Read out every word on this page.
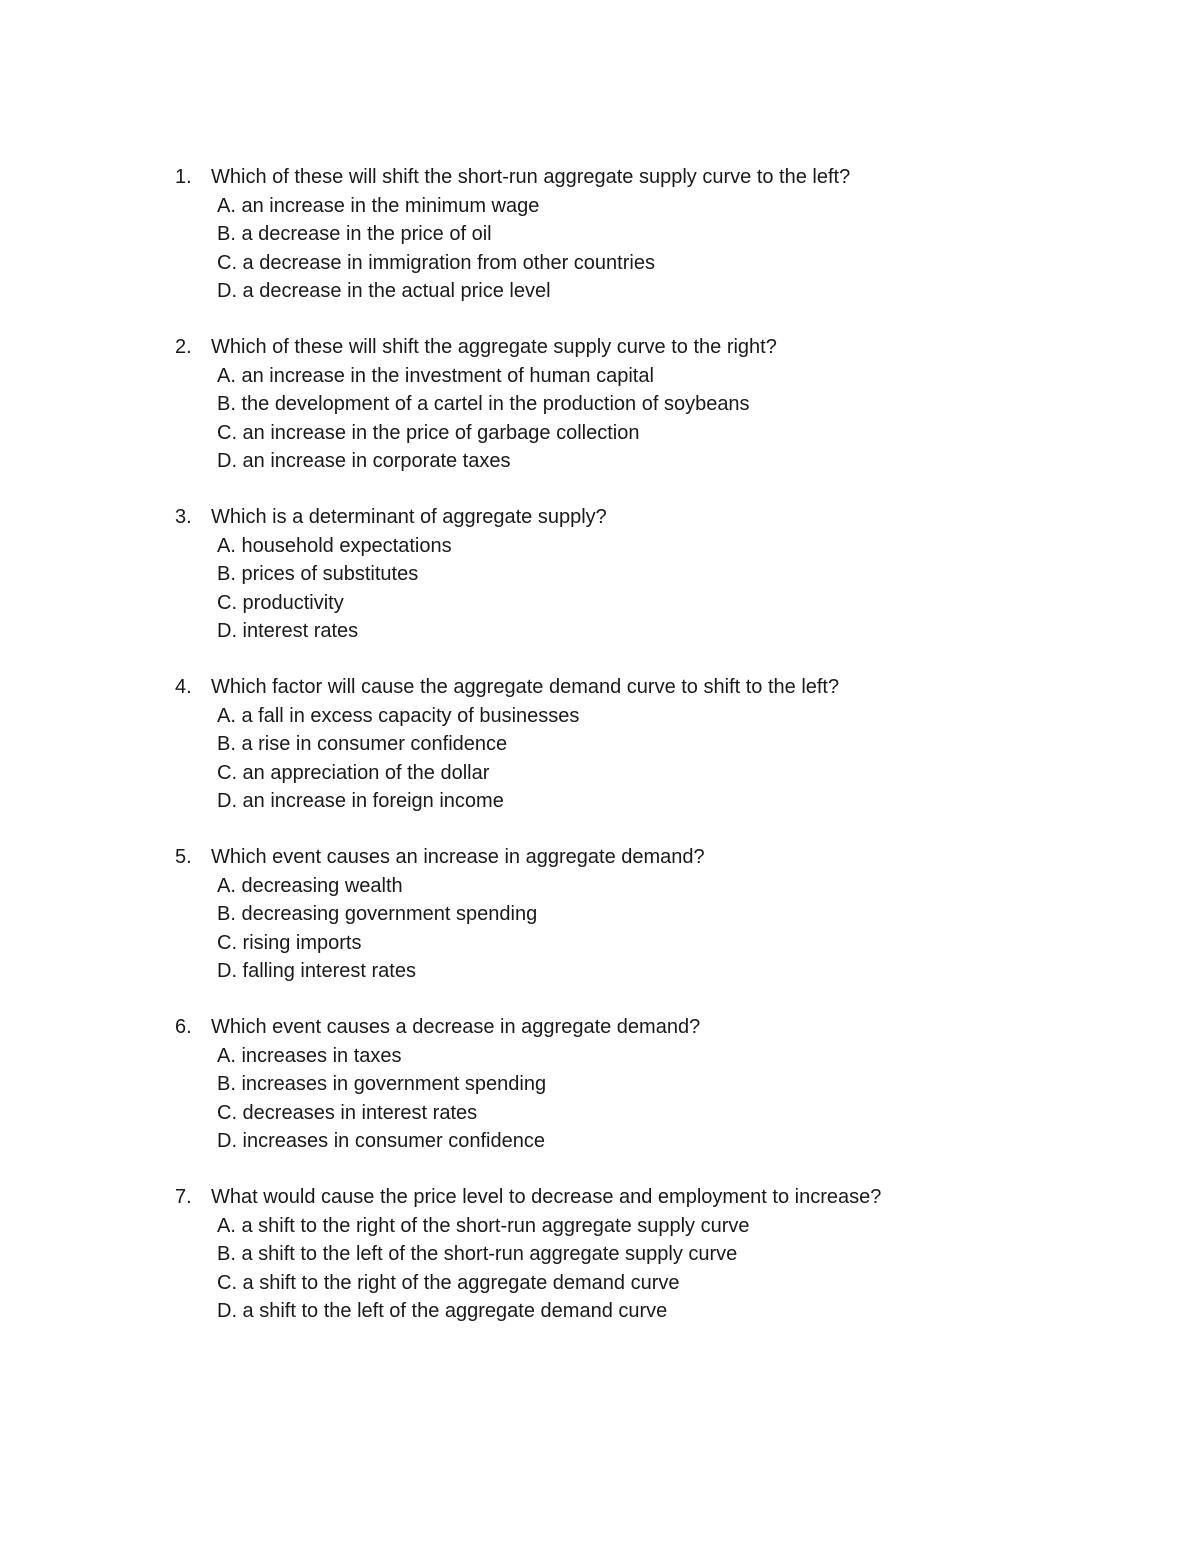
1. Which of these will shift the short-run aggregate supply curve to the left?
A. an increase in the minimum wage
B. a decrease in the price of oil
C. a decrease in immigration from other countries
D. a decrease in the actual price level
2. Which of these will shift the aggregate supply curve to the right?
A. an increase in the investment of human capital
B. the development of a cartel in the production of soybeans
C. an increase in the price of garbage collection
D. an increase in corporate taxes
3. Which is a determinant of aggregate supply?
A. household expectations
B. prices of substitutes
C. productivity
D. interest rates
4. Which factor will cause the aggregate demand curve to shift to the left?
A. a fall in excess capacity of businesses
B. a rise in consumer confidence
C. an appreciation of the dollar
D. an increase in foreign income
5. Which event causes an increase in aggregate demand?
A. decreasing wealth
B. decreasing government spending
C. rising imports
D. falling interest rates
6. Which event causes a decrease in aggregate demand?
A. increases in taxes
B. increases in government spending
C. decreases in interest rates
D. increases in consumer confidence
7. What would cause the price level to decrease and employment to increase?
A. a shift to the right of the short-run aggregate supply curve
B. a shift to the left of the short-run aggregate supply curve
C. a shift to the right of the aggregate demand curve
D. a shift to the left of the aggregate demand curve
